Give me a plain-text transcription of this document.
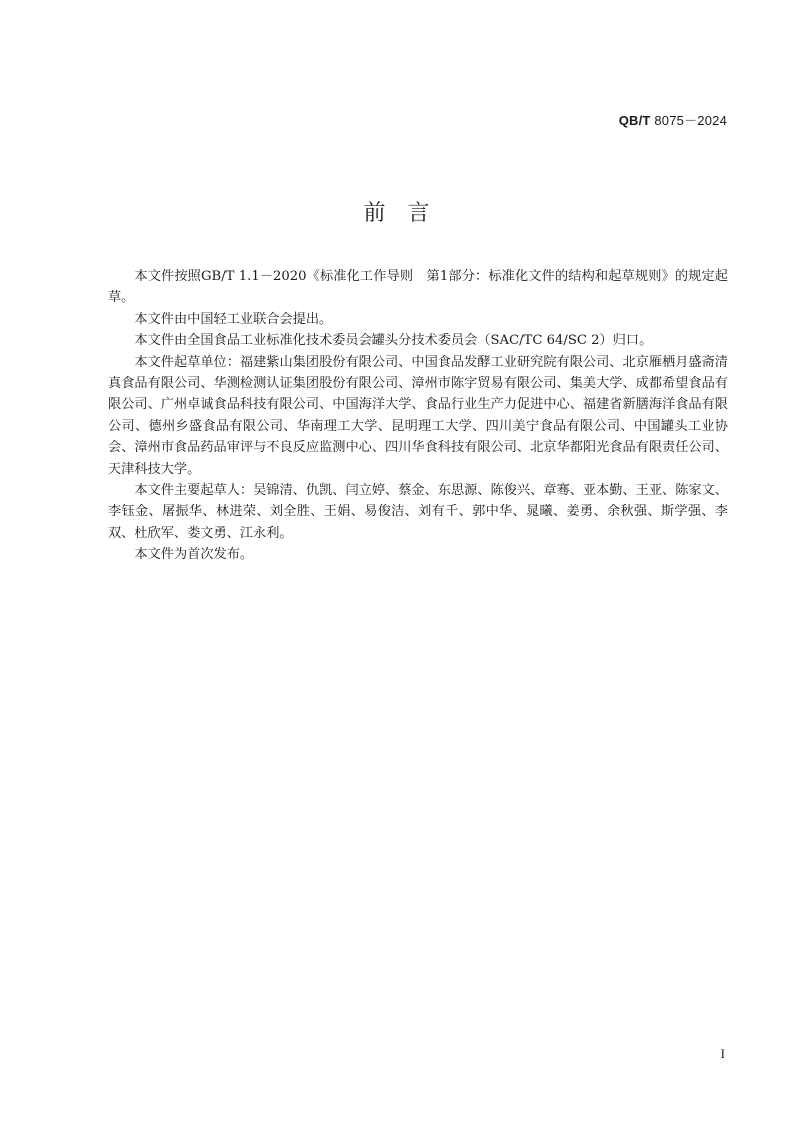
QB/T 8075－2024
前言

本文件按照GB/T 1.1－2020《标准化工作导则　第1部分：标准化文件的结构和起草规则》的规定起草。

本文件由中国轻工业联合会提出。

本文件由全国食品工业标准化技术委员会罐头分技术委员会（SAC/TC 64/SC 2）归口。

本文件起草单位：福建紫山集团股份有限公司、中国食品发酵工业研究院有限公司、北京雁栖月盛斋清真食品有限公司、华测检测认证集团股份有限公司、漳州市陈字贸易有限公司、集美大学、成都希望食品有限公司、广州卓诚食品科技有限公司、中国海洋大学、食品行业生产力促进中心、福建省新膳海洋食品有限公司、德州乡盛食品有限公司、华南理工大学、昆明理工大学、四川美宁食品有限公司、中国罐头工业协会、漳州市食品药品审评与不良反应监测中心、四川华食科技有限公司、北京华都阳光食品有限责任公司、天津科技大学。

本文件主要起草人：吴锦清、仇凯、闫立婷、蔡金、东思源、陈俊兴、章骞、亚本勤、王亚、陈家文、李钰金、屠振华、林进荣、刘全胜、王娟、易俊洁、刘有千、郭中华、晁曦、姜勇、余秋强、斯学强、李双、杜欣军、娄文勇、江永利。

本文件为首次发布。

I
